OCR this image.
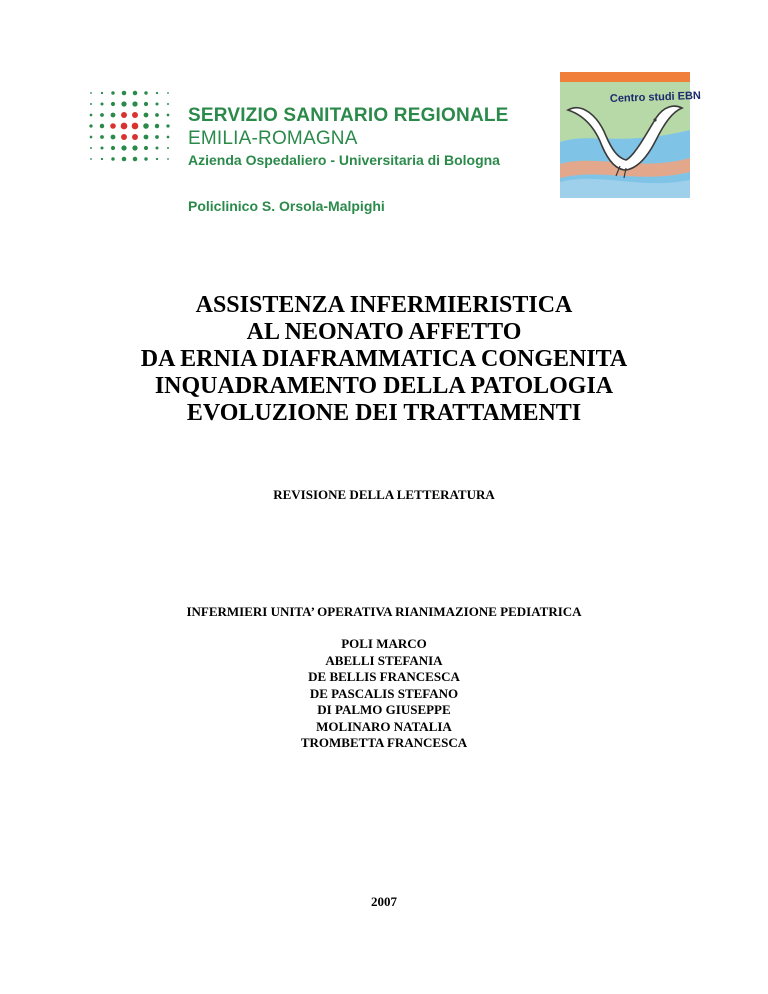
SERVIZIO SANITARIO REGIONALE
EMILIA-ROMAGNA
Azienda Ospedaliero - Universitaria di Bologna
Policlinico S. Orsola-Malpighi
Centro studi EBN
ASSISTENZA INFERMIERISTICA
AL NEONATO AFFETTO
DA ERNIA DIAFRAMMATICA CONGENITA
INQUADRAMENTO DELLA PATOLOGIA
EVOLUZIONE DEI TRATTAMENTI
REVISIONE DELLA LETTERATURA
INFERMIERI UNITA’ OPERATIVA RIANIMAZIONE PEDIATRICA
POLI MARCO
ABELLI STEFANIA
DE BELLIS FRANCESCA
DE PASCALIS STEFANO
DI PALMO GIUSEPPE
MOLINARO NATALIA
TROMBETTA FRANCESCA
2007
